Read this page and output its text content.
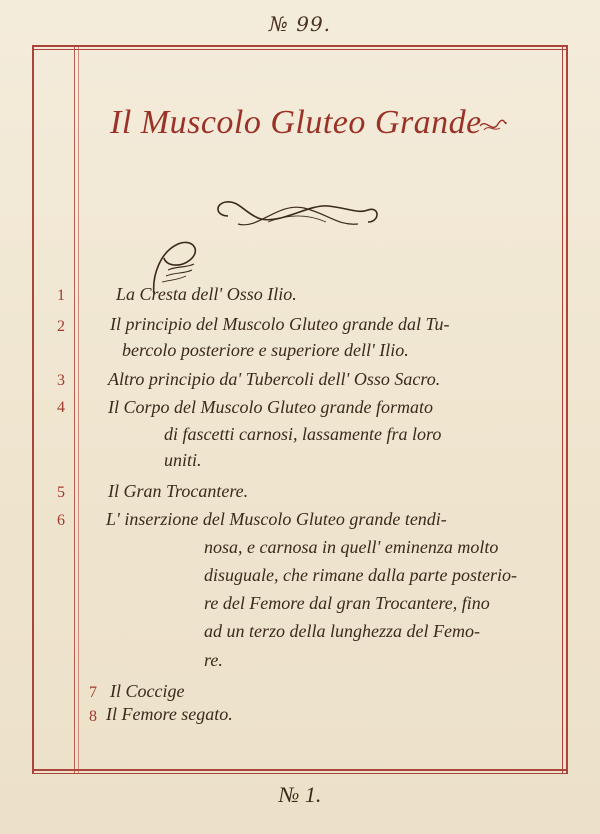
№ 99.
Il Muscolo Gluteo Grande
1	La Cresta dell' Osso Ilio.
2	Il principio del Muscolo Gluteo grande dal Tu-
bercolo posteriore e superiore dell' Ilio.
3	Altro principio da' Tubercoli dell' Osso Sacro.
4	Il Corpo del Muscolo Gluteo grande formato
di fascetti carnosi, lassamente fra loro
uniti.
5	Il Gran Trocantere.
6	L' inserzione del Muscolo Gluteo grande tendi-
nosa, e carnosa in quell' eminenza molto
disuguale, che rimane dalla parte posterio-
re del Femore dal gran Trocantere, fino
ad un terzo della lunghezza del Femo-
re.
7 Il Coccige
8 Il Femore segato.
№ 1.
